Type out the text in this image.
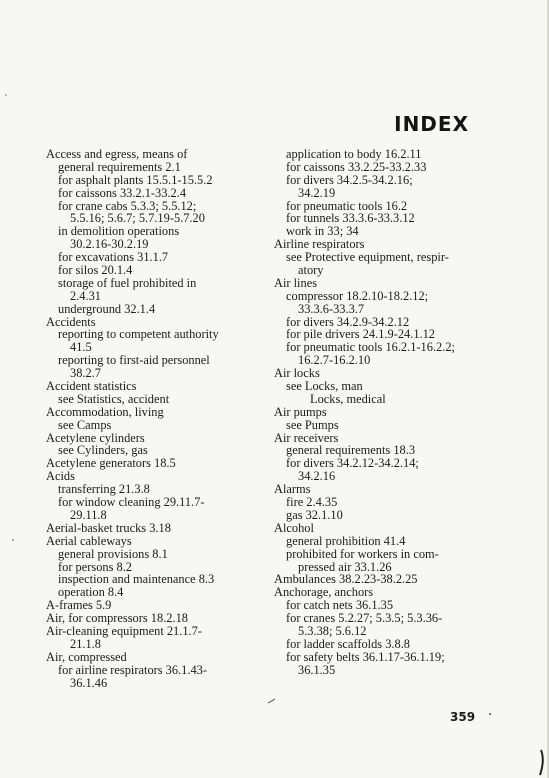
INDEX
Access and egress, means of
general requirements 2.1
for asphalt plants 15.5.1-15.5.2
for caissons 33.2.1-33.2.4
for crane cabs 5.3.3; 5.5.12;
5.5.16; 5.6.7; 5.7.19-5.7.20
in demolition operations
30.2.16-30.2.19
for excavations 31.1.7
for silos 20.1.4
storage of fuel prohibited in
2.4.31
underground 32.1.4
Accidents
reporting to competent authority
41.5
reporting to first-aid personnel
38.2.7
Accident statistics
see Statistics, accident
Accommodation, living
see Camps
Acetylene cylinders
see Cylinders, gas
Acetylene generators 18.5
Acids
transferring 21.3.8
for window cleaning 29.11.7-
29.11.8
Aerial-basket trucks 3.18
Aerial cableways
general provisions 8.1
for persons 8.2
inspection and maintenance 8.3
operation 8.4
A-frames 5.9
Air, for compressors 18.2.18
Air-cleaning equipment 21.1.7-
21.1.8
Air, compressed
for airline respirators 36.1.43-
36.1.46
application to body 16.2.11
for caissons 33.2.25-33.2.33
for divers 34.2.5-34.2.16;
34.2.19
for pneumatic tools 16.2
for tunnels 33.3.6-33.3.12
work in 33; 34
Airline respirators
see Protective equipment, respir-
atory
Air lines
compressor 18.2.10-18.2.12;
33.3.6-33.3.7
for divers 34.2.9-34.2.12
for pile drivers 24.1.9-24.1.12
for pneumatic tools 16.2.1-16.2.2;
16.2.7-16.2.10
Air locks
see Locks, man
Locks, medical
Air pumps
see Pumps
Air receivers
general requirements 18.3
for divers 34.2.12-34.2.14;
34.2.16
Alarms
fire 2.4.35
gas 32.1.10
Alcohol
general prohibition 41.4
prohibited for workers in com-
pressed air 33.1.26
Ambulances 38.2.23-38.2.25
Anchorage, anchors
for catch nets 36.1.35
for cranes 5.2.27; 5.3.5; 5.3.36-
5.3.38; 5.6.12
for ladder scaffolds 3.8.8
for safety belts 36.1.17-36.1.19;
36.1.35
359
